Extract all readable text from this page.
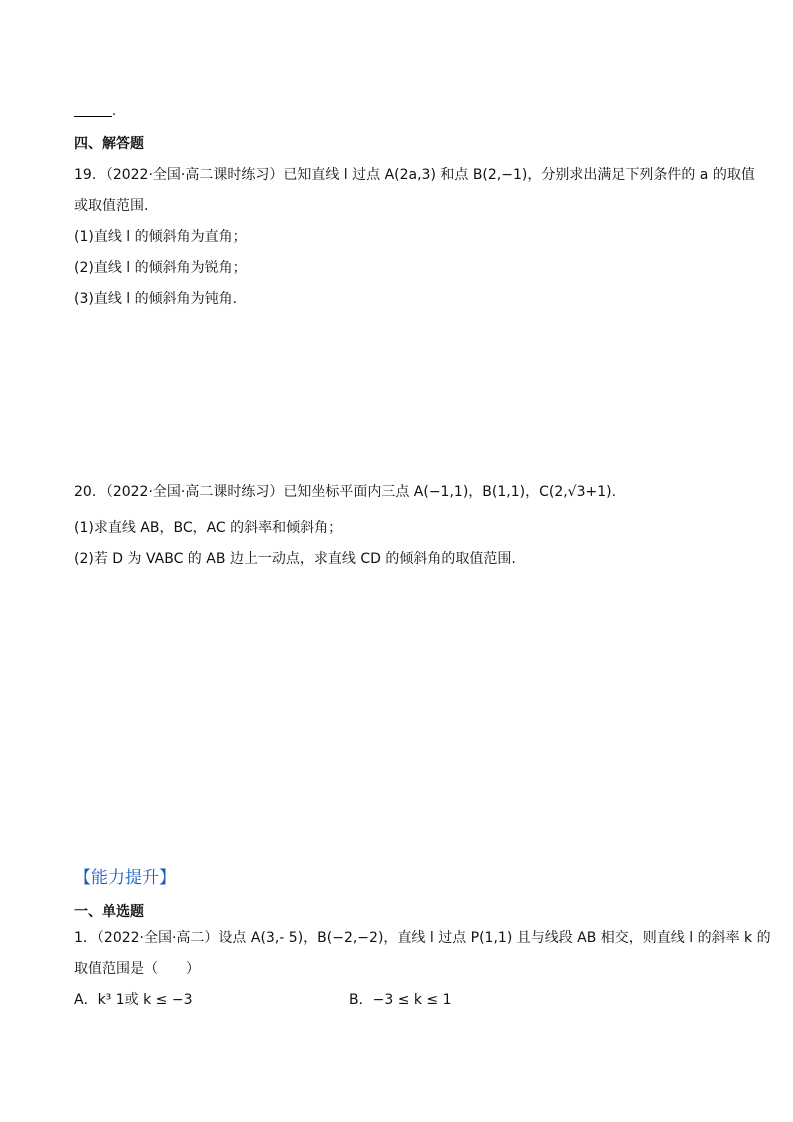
.
四、解答题
19．（2022·全国·高二课时练习）已知直线 l 过点 A(2a,3) 和点 B(2,−1)，分别求出满足下列条件的 a 的取值
或取值范围.
(1)直线 l 的倾斜角为直角；
(2)直线 l 的倾斜角为锐角；
(3)直线 l 的倾斜角为钝角.
20．（2022·全国·高二课时练习）已知坐标平面内三点 A(−1,1)，B(1,1)，C(2,√3+1).
(1)求直线 AB，BC，AC 的斜率和倾斜角；
(2)若 D 为 VABC 的 AB 边上一动点，求直线 CD 的倾斜角的取值范围.
【能力提升】
一、单选题
1．（2022·全国·高二）设点 A(3,- 5)，B(−2,−2)，直线 l 过点 P(1,1) 且与线段 AB 相交，则直线 l 的斜率 k 的
取值范围是（　　）
A．k³ 1或 k ≤ −3	B．−3 ≤ k ≤ 1
